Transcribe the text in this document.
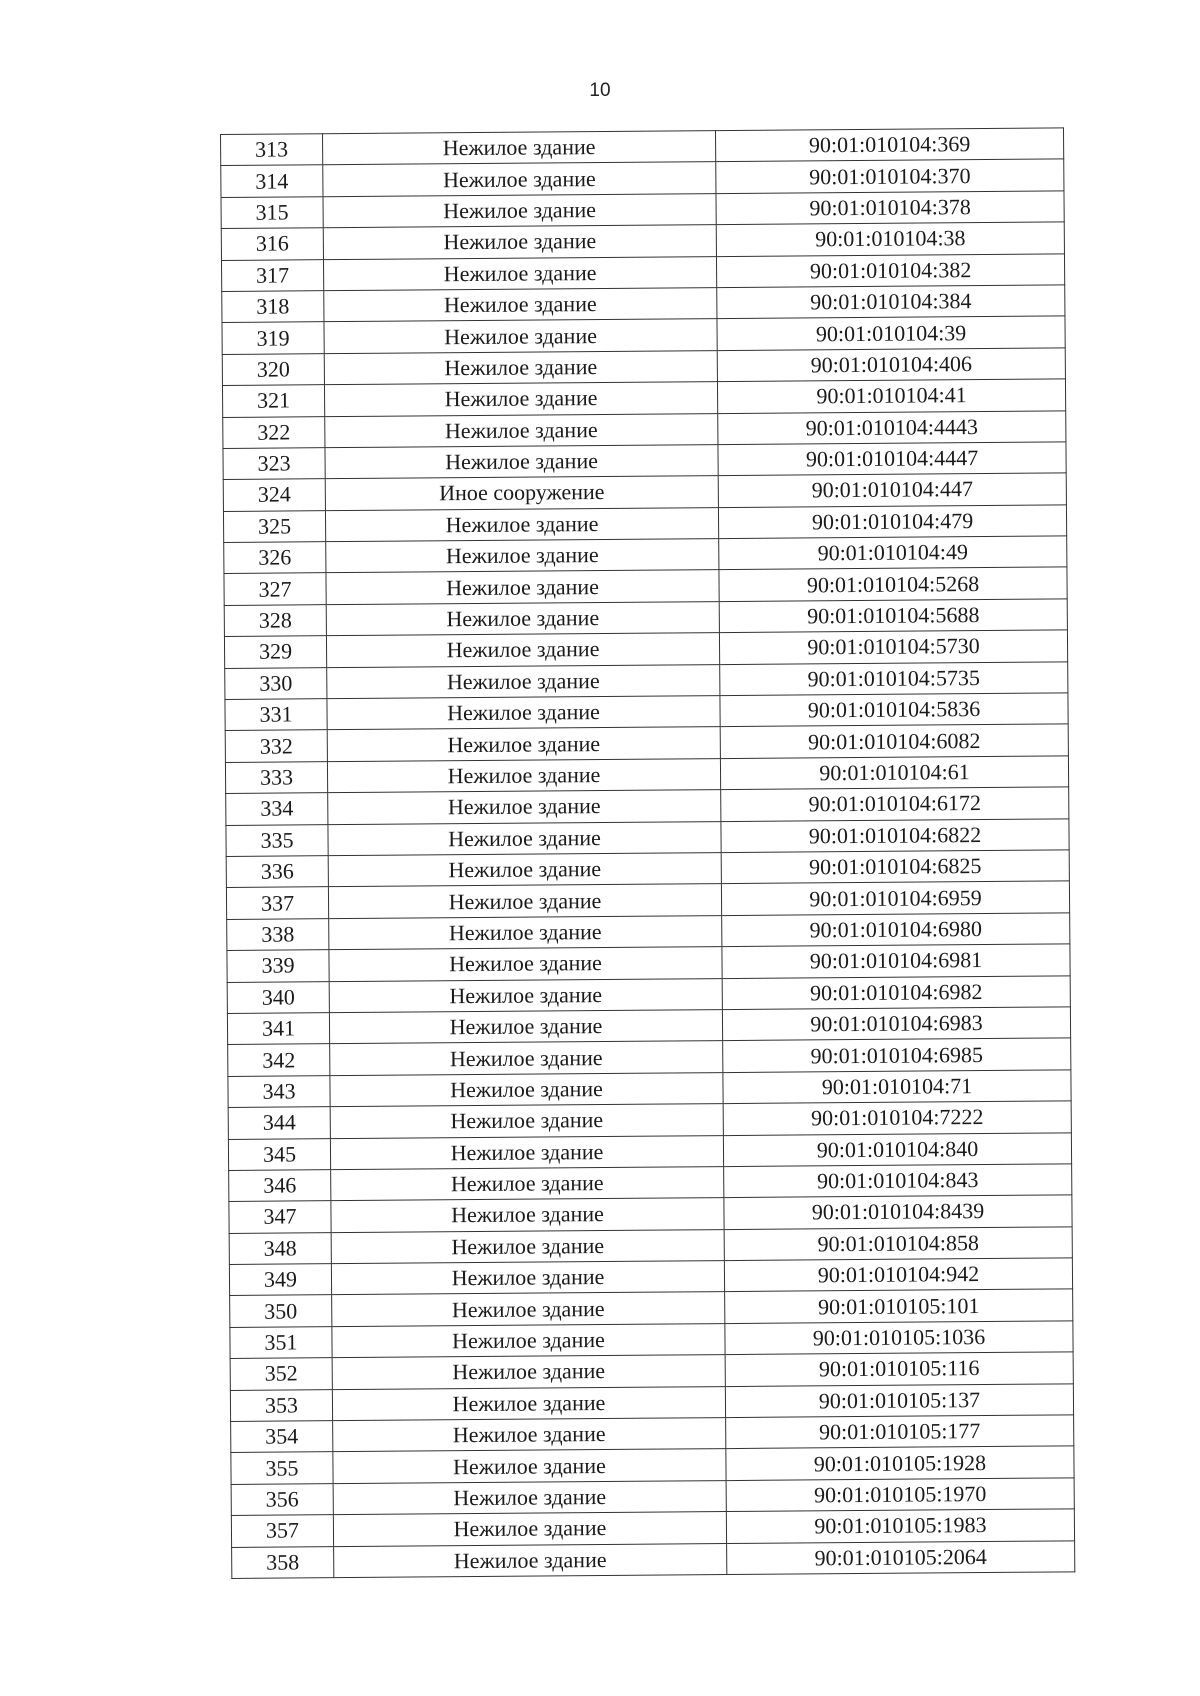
10
313	Нежилое здание	90:01:010104:369
314	Нежилое здание	90:01:010104:370
315	Нежилое здание	90:01:010104:378
316	Нежилое здание	90:01:010104:38
317	Нежилое здание	90:01:010104:382
318	Нежилое здание	90:01:010104:384
319	Нежилое здание	90:01:010104:39
320	Нежилое здание	90:01:010104:406
321	Нежилое здание	90:01:010104:41
322	Нежилое здание	90:01:010104:4443
323	Нежилое здание	90:01:010104:4447
324	Иное сооружение	90:01:010104:447
325	Нежилое здание	90:01:010104:479
326	Нежилое здание	90:01:010104:49
327	Нежилое здание	90:01:010104:5268
328	Нежилое здание	90:01:010104:5688
329	Нежилое здание	90:01:010104:5730
330	Нежилое здание	90:01:010104:5735
331	Нежилое здание	90:01:010104:5836
332	Нежилое здание	90:01:010104:6082
333	Нежилое здание	90:01:010104:61
334	Нежилое здание	90:01:010104:6172
335	Нежилое здание	90:01:010104:6822
336	Нежилое здание	90:01:010104:6825
337	Нежилое здание	90:01:010104:6959
338	Нежилое здание	90:01:010104:6980
339	Нежилое здание	90:01:010104:6981
340	Нежилое здание	90:01:010104:6982
341	Нежилое здание	90:01:010104:6983
342	Нежилое здание	90:01:010104:6985
343	Нежилое здание	90:01:010104:71
344	Нежилое здание	90:01:010104:7222
345	Нежилое здание	90:01:010104:840
346	Нежилое здание	90:01:010104:843
347	Нежилое здание	90:01:010104:8439
348	Нежилое здание	90:01:010104:858
349	Нежилое здание	90:01:010104:942
350	Нежилое здание	90:01:010105:101
351	Нежилое здание	90:01:010105:1036
352	Нежилое здание	90:01:010105:116
353	Нежилое здание	90:01:010105:137
354	Нежилое здание	90:01:010105:177
355	Нежилое здание	90:01:010105:1928
356	Нежилое здание	90:01:010105:1970
357	Нежилое здание	90:01:010105:1983
358	Нежилое здание	90:01:010105:2064
